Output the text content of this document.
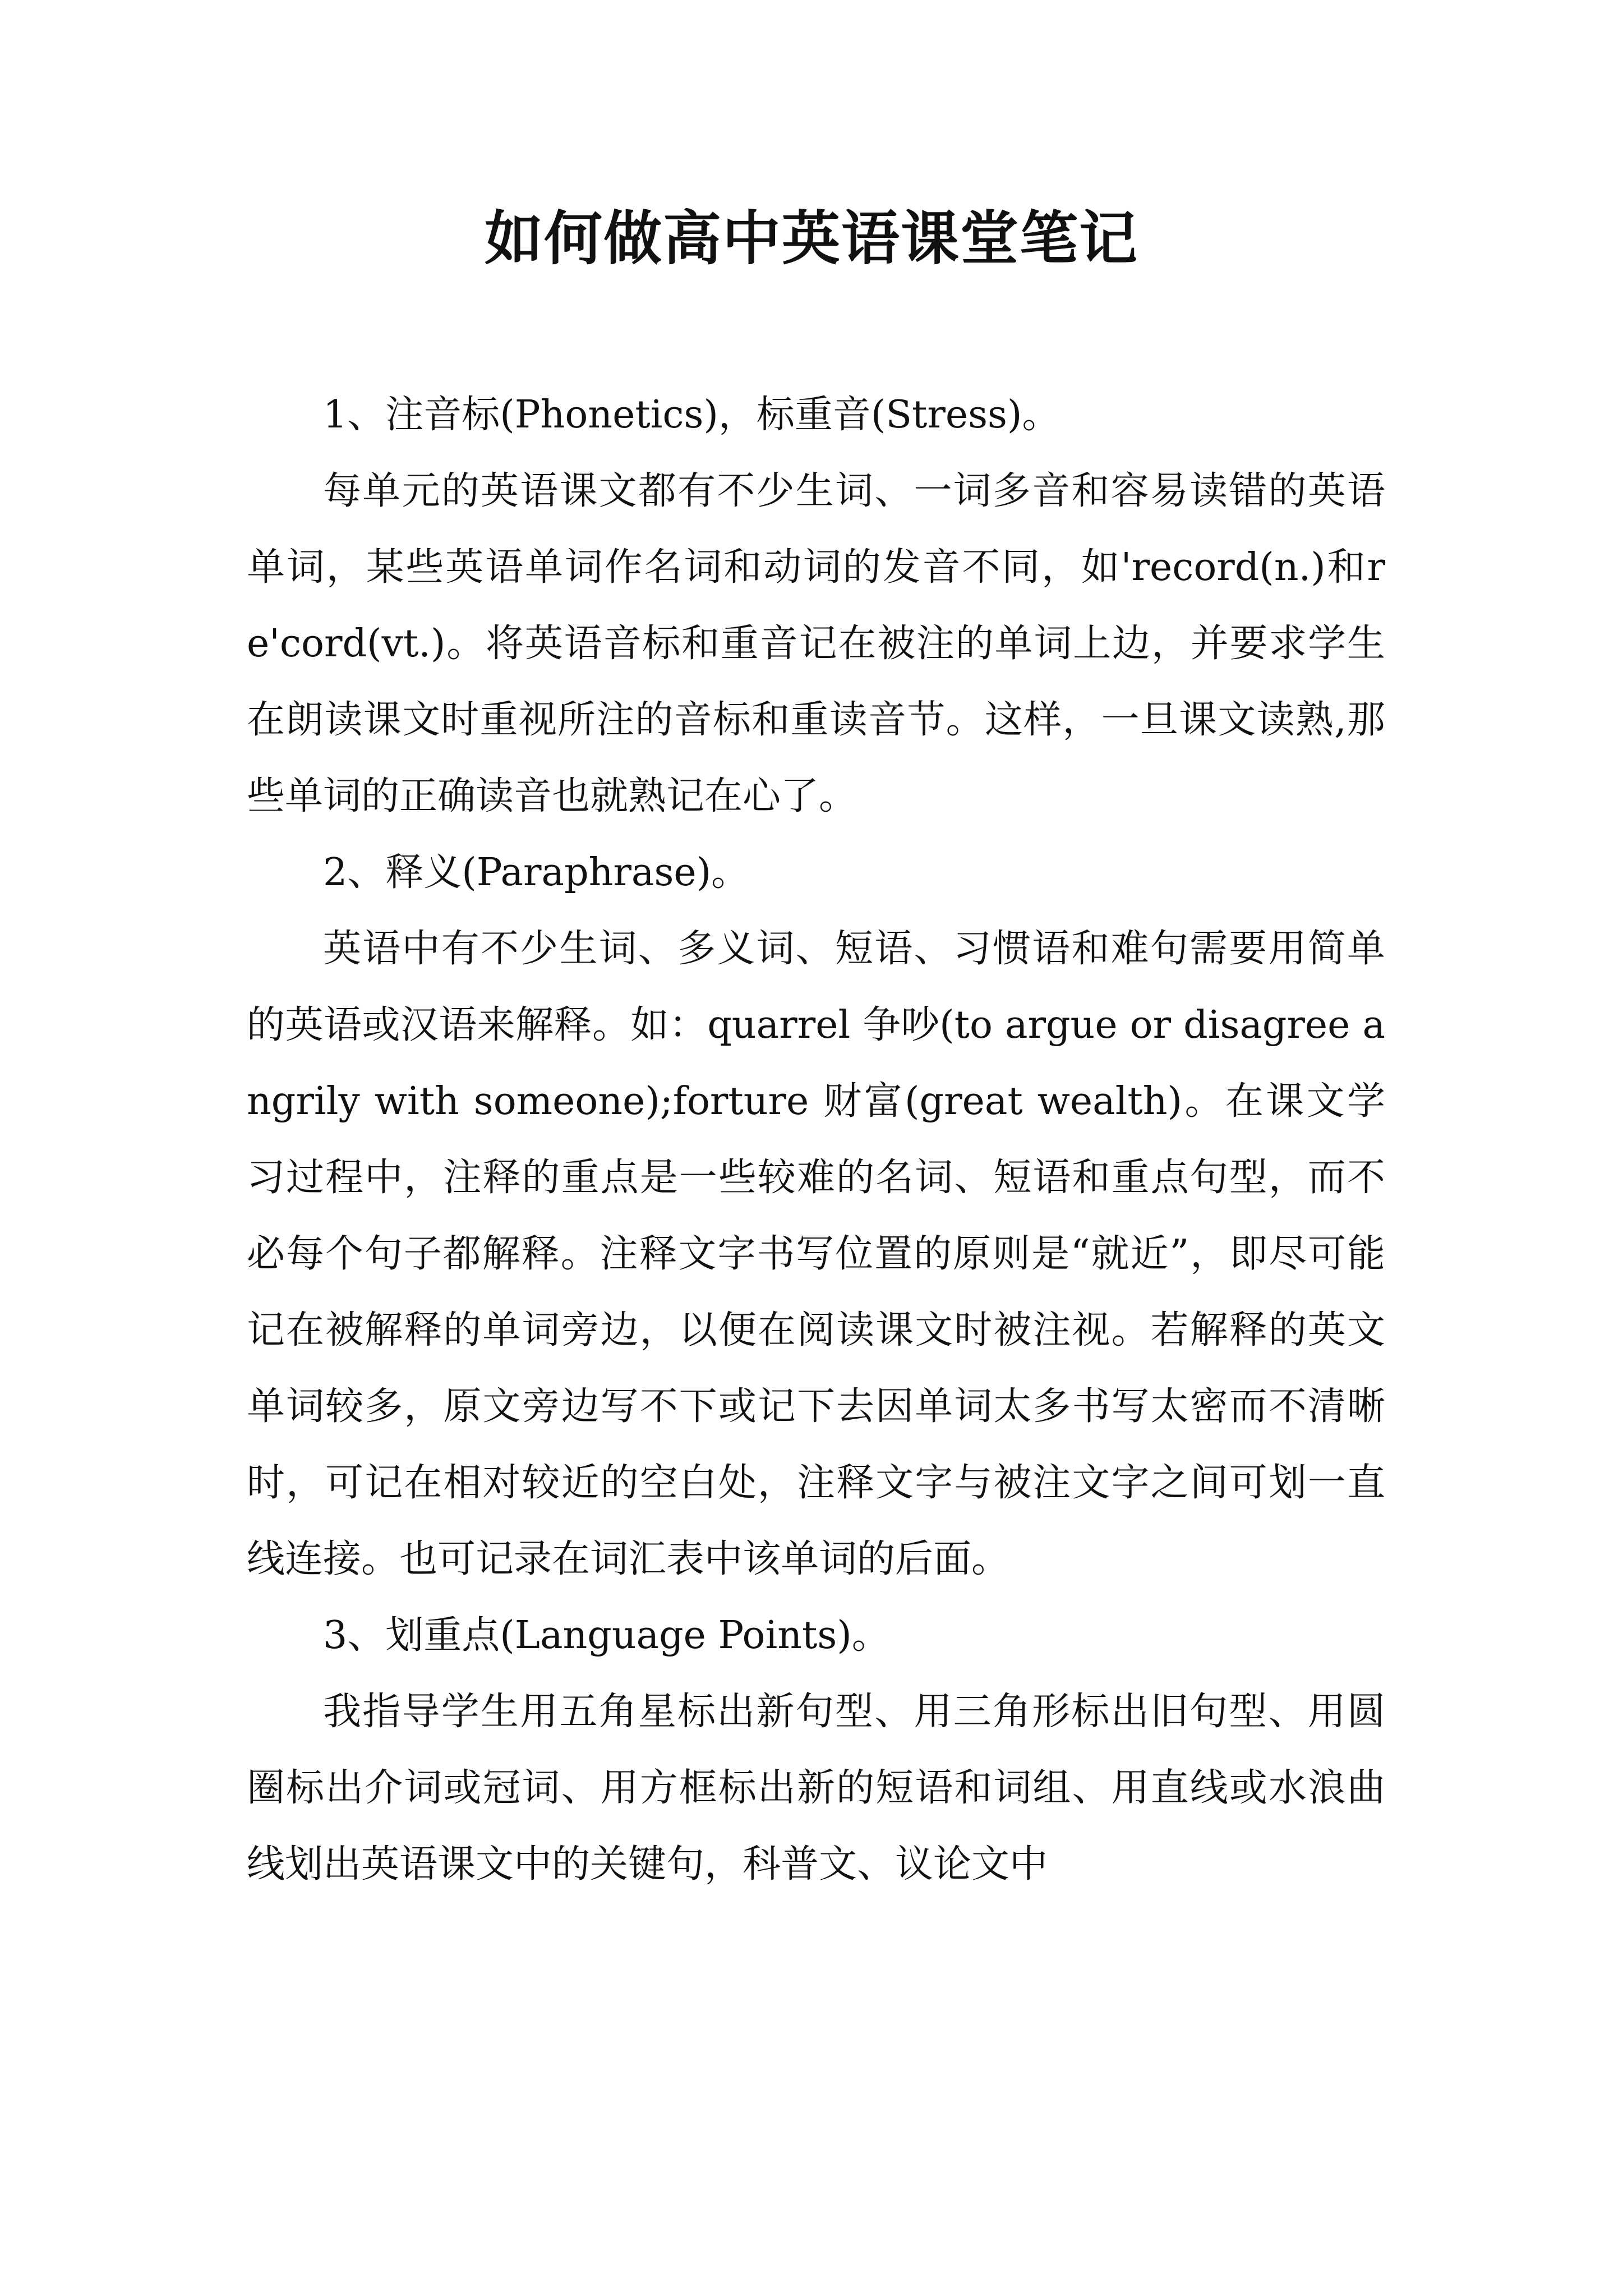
如何做高中英语课堂笔记

1、注音标(Phonetics)，标重音(Stress)。

每单元的英语课文都有不少生词、一词多音和容易读错的英语单词，某些英语单词作名词和动词的发音不同，如'record(n.)和re'cord(vt.)。将英语音标和重音记在被注的单词上边，并要求学生在朗读课文时重视所注的音标和重读音节。这样，一旦课文读熟,那些单词的正确读音也就熟记在心了。

2、释义(Paraphrase)。

英语中有不少生词、多义词、短语、习惯语和难句需要用简单的英语或汉语来解释。如：quarrel 争吵(to argue or disagree angrily with someone);forture 财富(great wealth)。在课文学习过程中，注释的重点是一些较难的名词、短语和重点句型，而不必每个句子都解释。注释文字书写位置的原则是“就近”，即尽可能记在被解释的单词旁边，以便在阅读课文时被注视。若解释的英文单词较多，原文旁边写不下或记下去因单词太多书写太密而不清晰时，可记在相对较近的空白处，注释文字与被注文字之间可划一直线连接。也可记录在词汇表中该单词的后面。

3、划重点(Language Points)。

我指导学生用五角星标出新句型、用三角形标出旧句型、用圆圈标出介词或冠词、用方框标出新的短语和词组、用直线或水浪曲线划出英语课文中的关键句，科普文、议论文中
